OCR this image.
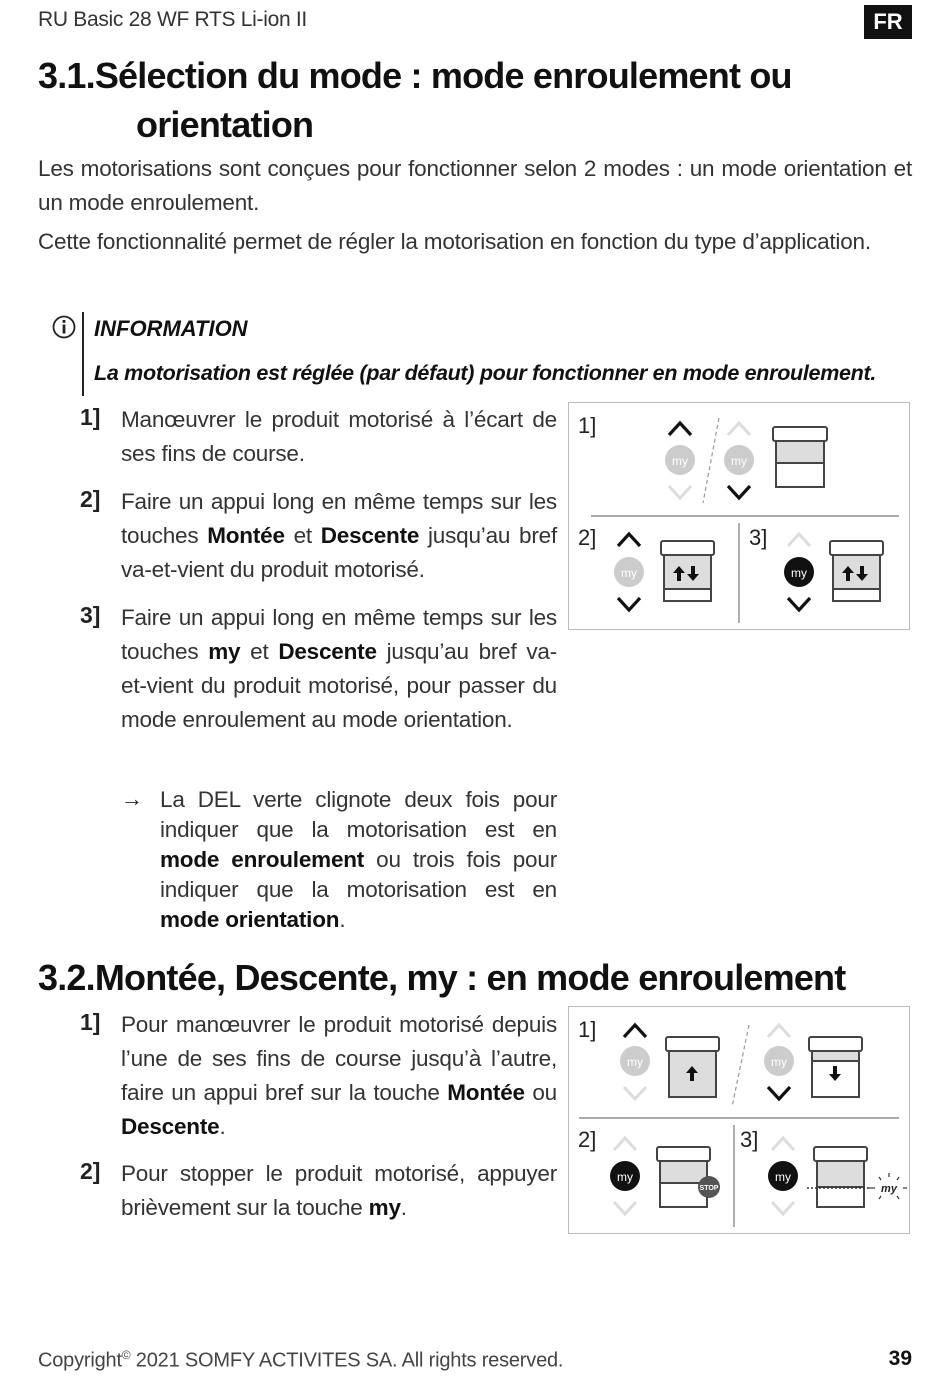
RU Basic 28 WF RTS Li-ion II	FR
3.1.Sélection du mode : mode enroulement ou
orientation
Les motorisations sont conçues pour fonctionner selon 2 modes : un mode orientation et un mode enroulement.
Cette fonctionnalité permet de régler la motorisation en fonction du type d’application.
INFORMATION
La motorisation est réglée (par défaut) pour fonctionner en mode enroulement.
1] Manœuvrer le produit motorisé à l’écart de ses fins de course.
2] Faire un appui long en même temps sur les touches Montée et Descente jusqu’au bref va-et-vient du produit motorisé.
3] Faire un appui long en même temps sur les touches my et Descente jusqu’au bref va-et-vient du produit motorisé, pour passer du mode enroulement au mode orientation.
→ La DEL verte clignote deux fois pour indiquer que la motorisation est en mode enroulement ou trois fois pour indiquer que la motorisation est en mode orientation.
1]
my	my
2]
my
3]
my
3.2.Montée, Descente, my : en mode enroulement
1] Pour manœuvrer le produit motorisé depuis l’une de ses fins de course jusqu’à l’autre, faire un appui bref sur la touche Montée ou Descente.
2] Pour stopper le produit motorisé, appuyer brièvement sur la touche my.
1]
my	my
2]
my
STOP
3]
my
my
Copyright© 2021 SOMFY ACTIVITES SA. All rights reserved.	39
